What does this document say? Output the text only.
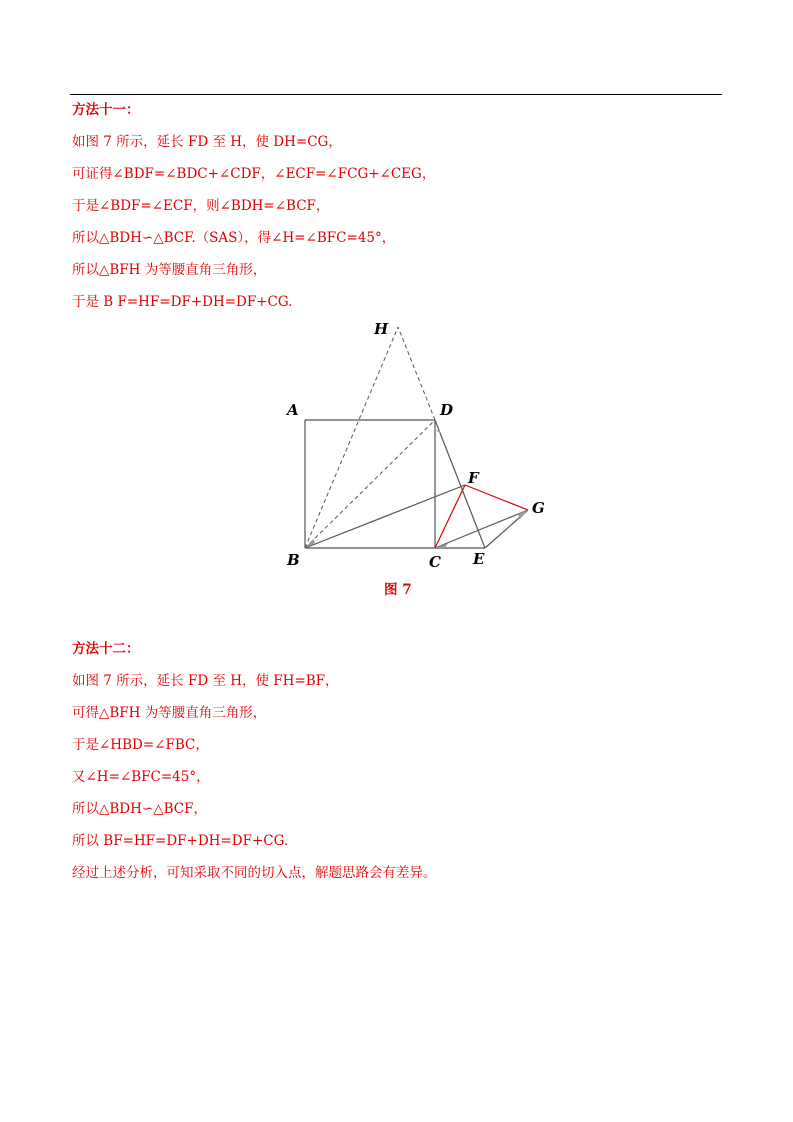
方法十一：
如图 7 所示，延长 FD 至 H，使 DH=CG，
可证得∠BDF=∠BDC+∠CDF，∠ECF=∠FCG+∠CEG，
于是∠BDF=∠ECF，则∠BDH=∠BCF，
所以△BDH∽△BCF.（SAS），得∠H=∠BFC=45°，
所以△BFH 为等腰直角三角形，
于是 B F=HF=DF+DH=DF+CG.
H
A	D
F
G
B	C E
图 7
方法十二：
如图 7 所示，延长 FD 至 H，使 FH=BF，
可得△BFH 为等腰直角三角形，
于是∠HBD=∠FBC，
又∠H=∠BFC=45°，
所以△BDH∽△BCF，
所以 BF=HF=DF+DH=DF+CG.
经过上述分析，可知采取不同的切入点，解题思路会有差异。
